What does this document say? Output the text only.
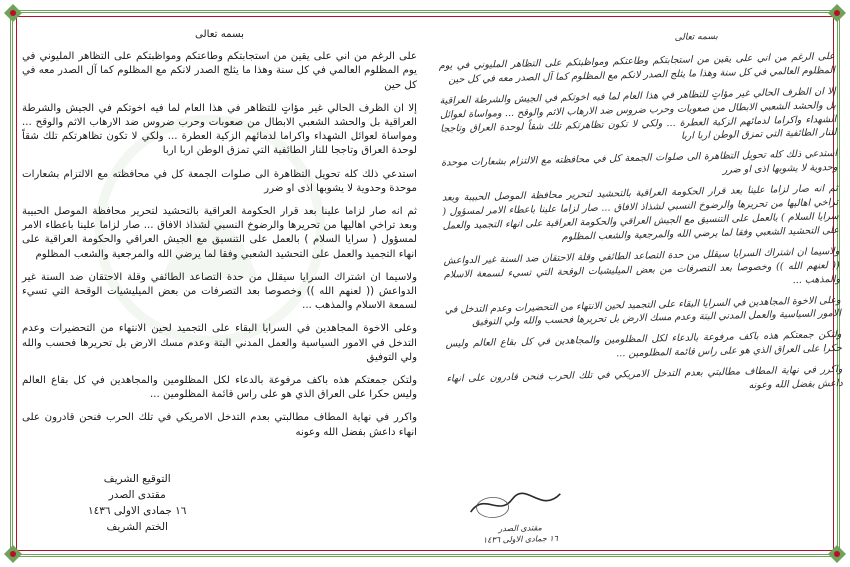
بسمه تعالى

على الرغم من اني على يقين من استجابتكم وطاعتكم ومواظبتكم على التظاهر المليوني في يوم المظلوم العالمي في كل سنة وهذا ما يثلج الصدر لانكم مع المظلوم كما آل الصدر معه في كل حين

إلا ان الظرف الحالي غير مؤاتٍ للتظاهر في هذا العام لما فيه اخوتكم في الجيش والشرطة العراقية بل والحشد الشعبي الابطال من صعوبات وحرب ضروس ضد الارهاب الاثم والوقح ... ومواساة لعوائل الشهداء واكراما لدمائهم الزكية العطرة ... ولكي لا تكون تظاهرتكم تلك شقاً لوحدة العراق وتاججا للنار الطائفية التي تمزق الوطن اربا اربا

استدعي ذلك كله تحويل التظاهرة الى صلوات الجمعة كل في محافظته مع الالتزام بشعارات موحدة وحدوية لا يشوبها اذى او ضرر

ثم انه صار لزاما علينا بعد قرار الحكومة العراقية بالتحشيد لتحرير محافظة الموصل الحبيبة وبعد تراخي اهاليها من تحريرها والرضوخ النسبي لشذاذ الافاق ... صار لزاما علينا باعطاء الامر لمسؤول ( سرايا السلام ) بالعمل على التنسيق مع الجيش العراقي والحكومة العراقية على انهاء التجميد والعمل على التحشيد الشعبي وفقا لما يرضي الله والمرجعية والشعب المظلوم

ولاسيما ان اشتراك السرايا سيقلل من حدة التصاعد الطائفي وقلة الاحتقان ضد السنة غير الدواعش (( لعنهم الله )) وخصوصا بعد التصرفات من بعض الميليشيات الوقحة التي تسيء لسمعة الاسلام والمذهب ...

وعلى الاخوة المجاهدين في السرايا البقاء على التجميد لحين الانتهاء من التحضيرات وعدم التدخل في الامور السياسية والعمل المدني البتة وعدم مسك الارض بل تحريرها فحسب والله ولي التوفيق

ولتكن جمعتكم هذه باكف مرفوعة بالدعاء لكل المظلومين والمجاهدين في كل بقاع العالم وليس حكرا على العراق الذي هو على راس قائمة المظلومين ...

واكرر في نهاية المطاف مطالبتي بعدم التدخل الامريكي في تلك الحرب فنحن قادرون على انهاء داعش بفضل الله وعونه

التوقيع الشريف
مقتدى الصدر
١٦ جمادى الاولى ١٤٣٦
الختم الشريف
بسمه تعالى

على الرغم من اني على يقين من استجابتكم وطاعتكم ومواظبتكم على التظاهر المليوني في يوم المظلوم العالمي في كل سنة وهذا ما يثلج الصدر لانكم مع المظلوم كما آل الصدر معه في كل حين

إلا ان الظرف الحالي غير مؤاتٍ للتظاهر في هذا العام لما فيه اخوتكم في الجيش والشرطة العراقية بل والحشد الشعبي الابطال من صعوبات وحرب ضروس ضد الارهاب الاثم والوقح ... ومواساة لعوائل الشهداء واكراما لدمائهم الزكية العطرة ... ولكي لا تكون تظاهرتكم تلك شقاً لوحدة العراق وتاججا للنار الطائفية التي تمزق الوطن اربا اربا

استدعي ذلك كله تحويل التظاهرة الى صلوات الجمعة كل في محافظته مع الالتزام بشعارات موحدة وحدوية لا يشوبها اذى او ضرر

ثم انه صار لزاما علينا بعد قرار الحكومة العراقية بالتحشيد لتحرير محافظة الموصل الحبيبة وبعد تراخي اهاليها من تحريرها والرضوخ النسبي لشذاذ الافاق ... صار لزاما علينا باعطاء الامر لمسؤول ( سرايا السلام ) بالعمل على التنسيق مع الجيش العراقي والحكومة العراقية على انهاء التجميد والعمل على التحشيد الشعبي وفقا لما يرضي الله والمرجعية والشعب المظلوم

ولاسيما ان اشتراك السرايا سيقلل من حدة التصاعد الطائفي وقلة الاحتقان ضد السنة غير الدواعش (( لعنهم الله )) وخصوصا بعد التصرفات من بعض الميليشيات الوقحة التي تسيء لسمعة الاسلام والمذهب ...

وعلى الاخوة المجاهدين في السرايا البقاء على التجميد لحين الانتهاء من التحضيرات وعدم التدخل في الامور السياسية والعمل المدني البتة وعدم مسك الارض بل تحريرها فحسب والله ولي التوفيق

ولتكن جمعتكم هذه باكف مرفوعة بالدعاء لكل المظلومين والمجاهدين في كل بقاع العالم وليس حكرا على العراق الذي هو على راس قائمة المظلومين ...

واكرر في نهاية المطاف مطالبتي بعدم التدخل الامريكي في تلك الحرب فنحن قادرون على انهاء داعش بفضل الله وعونه

مقتدى الصدر
١٦ جمادى الاولى ١٤٣٦
